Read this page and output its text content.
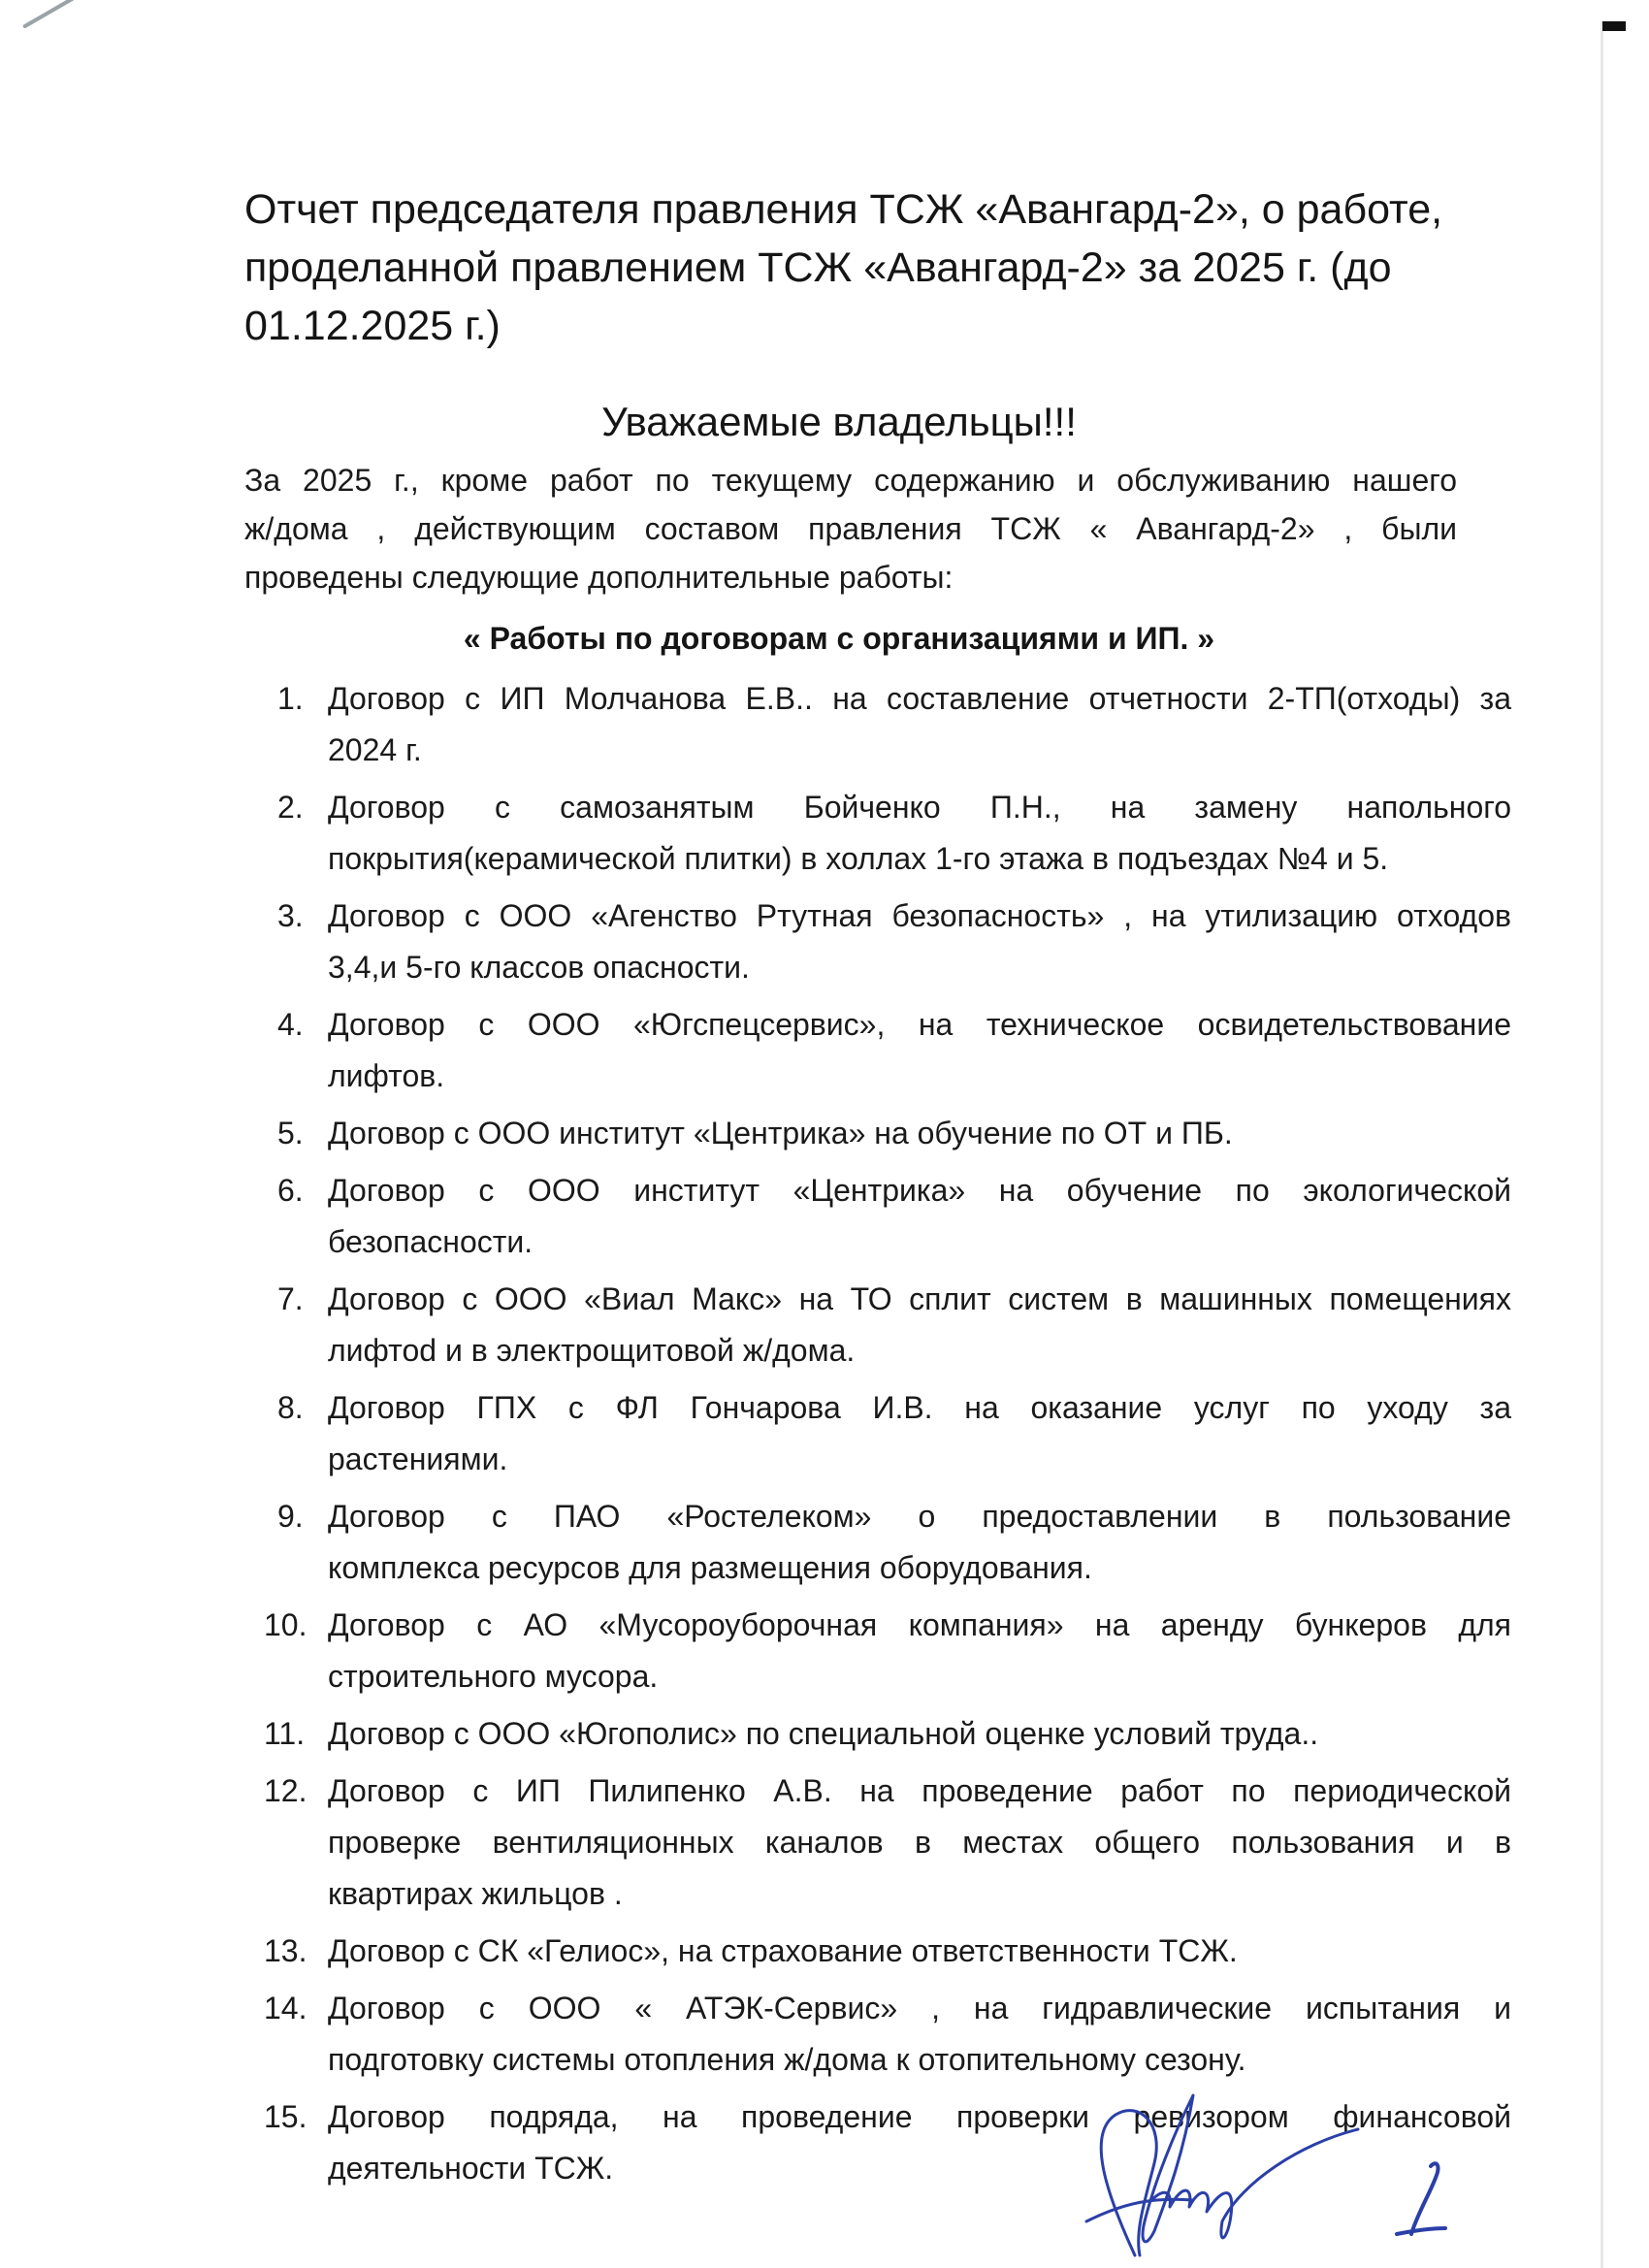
Отчет председателя правления ТСЖ «Авангард-2», о работе,
проделанной правлением ТСЖ «Авангард-2» за 2025 г. (до
01.12.2025 г.)
Уважаемые владельцы!!!
За 2025 г., кроме работ по текущему содержанию и обслуживанию нашего
ж/дома , действующим составом правления ТСЖ « Авангард-2» , были
проведены следующие дополнительные работы:
« Работы по договорам с организациями и ИП. »
1. Договор с ИП Молчанова Е.В.. на составление отчетности 2-ТП(отходы) за
2024 г.
2. Договор с самозанятым Бойченко П.Н., на замену напольного
покрытия(керамической плитки) в холлах 1-го этажа в подъездах №4 и 5.
3. Договор с ООО «Агенство Ртутная безопасность» , на утилизацию отходов
3,4,и 5-го классов опасности.
4. Договор с ООО «Югспецсервис», на техническое освидетельствование
лифтов.
5. Договор с ООО институт «Центрика» на обучение по ОТ и ПБ.
6. Договор с ООО институт «Центрика» на обучение по экологической
безопасности.
7. Договор с ООО «Виал Макс» на ТО сплит систем в машинных помещениях
лифтоd и в электрощитовой ж/дома.
8. Договор ГПХ с ФЛ Гончарова И.В. на оказание услуг по уходу за
растениями.
9. Договор с ПАО «Ростелеком» о предоставлении в пользование
комплекса ресурсов для размещения оборудования.
10. Договор с АО «Мусороуборочная компания» на аренду бункеров для
строительного мусора.
11. Договор с ООО «Югополис» по специальной оценке условий труда..
12. Договор с ИП Пилипенко А.В. на проведение работ по периодической
проверке вентиляционных каналов в местах общего пользования и в
квартирах жильцов .
13. Договор с СК «Гелиос», на страхование ответственности ТСЖ.
14. Договор с ООО « АТЭК-Сервис» , на гидравлические испытания и
подготовку системы отопления ж/дома к отопительному сезону.
15. Договор подряда, на проведение проверки ревизором финансовой
деятельности ТСЖ.
